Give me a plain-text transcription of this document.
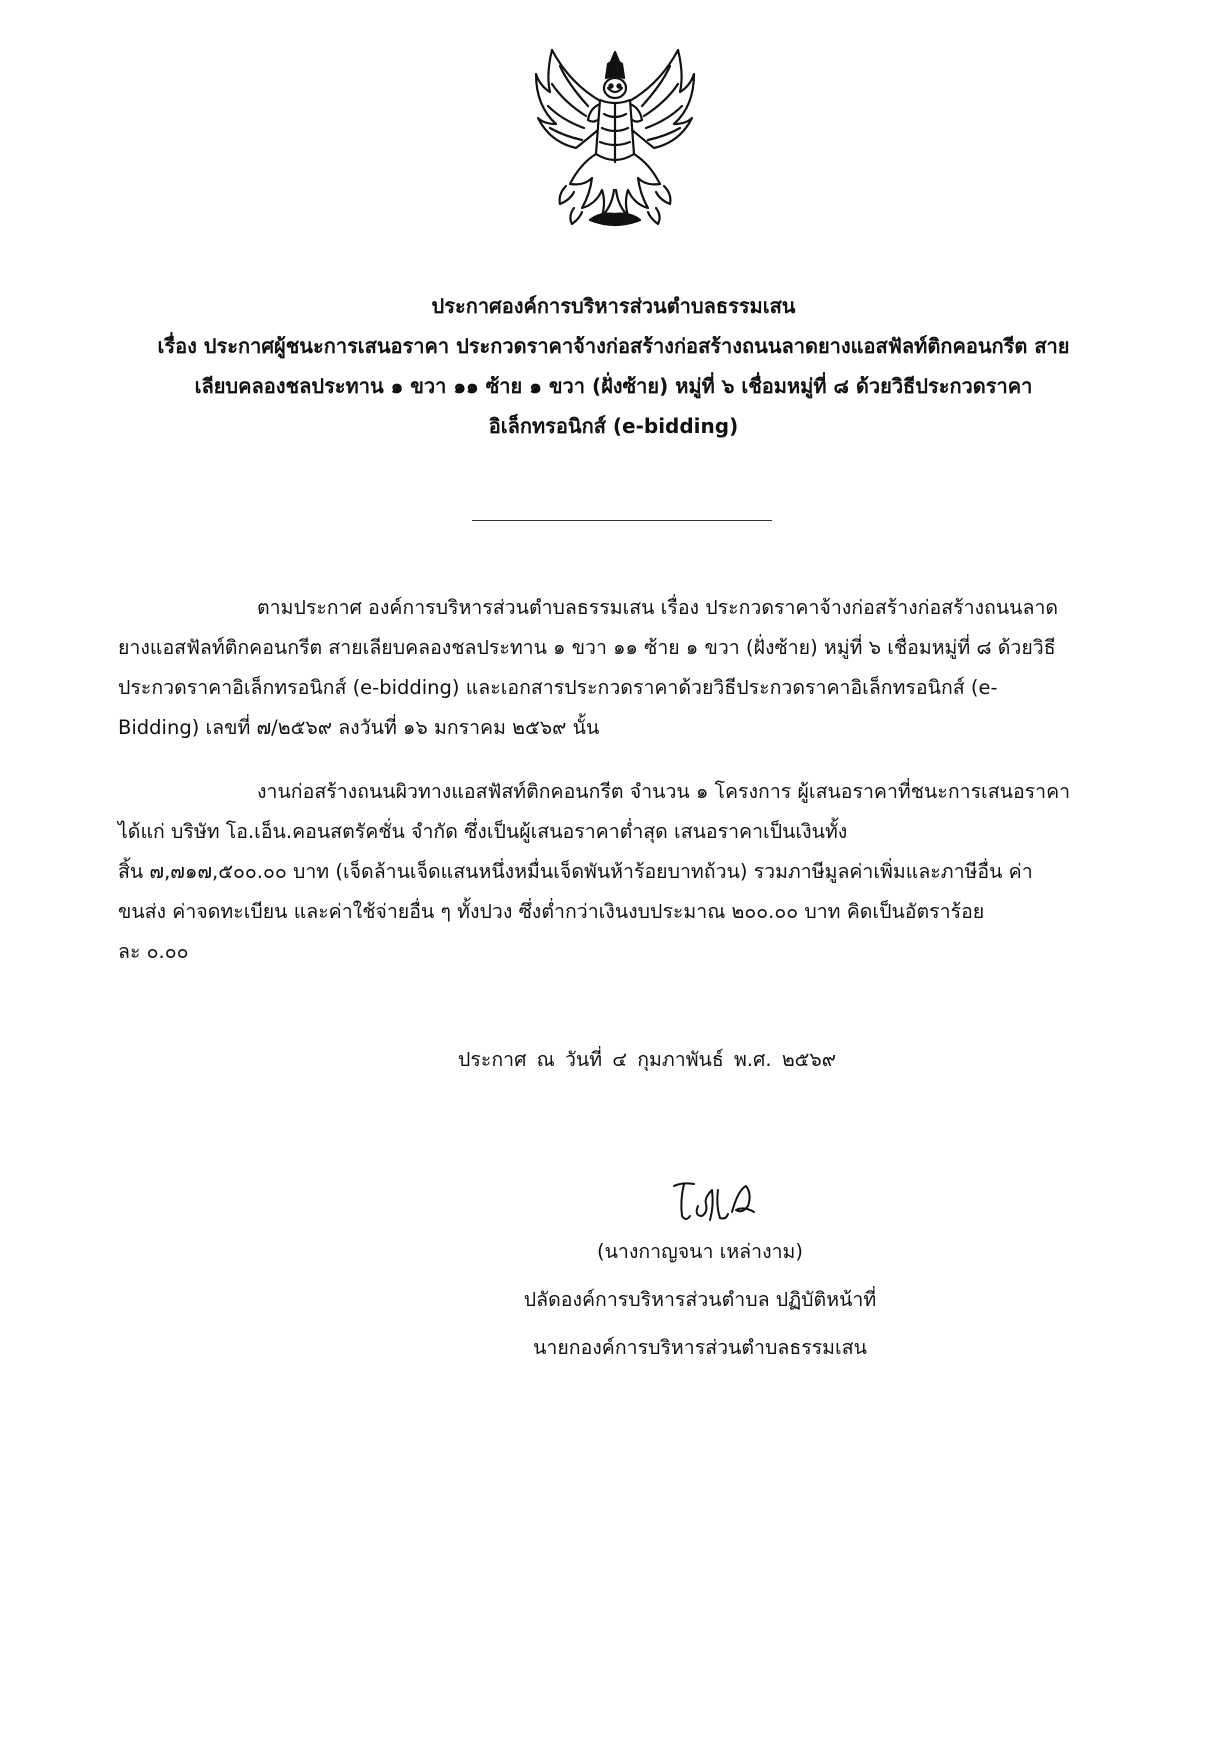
ประกาศองค์การบริหารส่วนตำบลธรรมเสน
เรื่อง ประกาศผู้ชนะการเสนอราคา ประกวดราคาจ้างก่อสร้างก่อสร้างถนนลาดยางแอสฟัลท์ติกคอนกรีต สาย
เลียบคลองชลประทาน ๑ ขวา ๑๑ ซ้าย ๑ ขวา (ฝั่งซ้าย) หมู่ที่ ๖ เชื่อมหมู่ที่ ๘ ด้วยวิธีประกวดราคา
อิเล็กทรอนิกส์ (e-bidding)
ตามประกาศ องค์การบริหารส่วนตำบลธรรมเสน เรื่อง ประกวดราคาจ้างก่อสร้างก่อสร้างถนนลาด
ยางแอสฟัลท์ติกคอนกรีต สายเลียบคลองชลประทาน ๑ ขวา ๑๑ ซ้าย ๑ ขวา (ฝั่งซ้าย) หมู่ที่ ๖ เชื่อมหมู่ที่ ๘ ด้วยวิธี
ประกวดราคาอิเล็กทรอนิกส์ (e-bidding) และเอกสารประกวดราคาด้วยวิธีประกวดราคาอิเล็กทรอนิกส์ (e-
Bidding) เลขที่ ๗/๒๕๖๙ ลงวันที่ ๑๖ มกราคม ๒๕๖๙ นั้น
งานก่อสร้างถนนผิวทางแอสฟัสท์ติกคอนกรีต จำนวน ๑ โครงการ ผู้เสนอราคาที่ชนะการเสนอราคา
ได้แก่ บริษัท โอ.เอ็น.คอนสตรัคชั่น จำกัด ซึ่งเป็นผู้เสนอราคาต่ำสุด เสนอราคาเป็นเงินทั้ง
สิ้น ๗,๗๑๗,๕๐๐.๐๐ บาท (เจ็ดล้านเจ็ดแสนหนึ่งหมื่นเจ็ดพันห้าร้อยบาทถ้วน) รวมภาษีมูลค่าเพิ่มและภาษีอื่น ค่า
ขนส่ง ค่าจดทะเบียน และค่าใช้จ่ายอื่น ๆ ทั้งปวง ซึ่งต่ำกว่าเงินงบประมาณ ๒๐๐.๐๐ บาท คิดเป็นอัตราร้อย
ละ ๐.๐๐
ประกาศ ณ วันที่ ๔ กุมภาพันธ์ พ.ศ. ๒๕๖๙
(นางกาญจนา เหล่างาม)
ปลัดองค์การบริหารส่วนตำบล ปฏิบัติหน้าที่
นายกองค์การบริหารส่วนตำบลธรรมเสน
